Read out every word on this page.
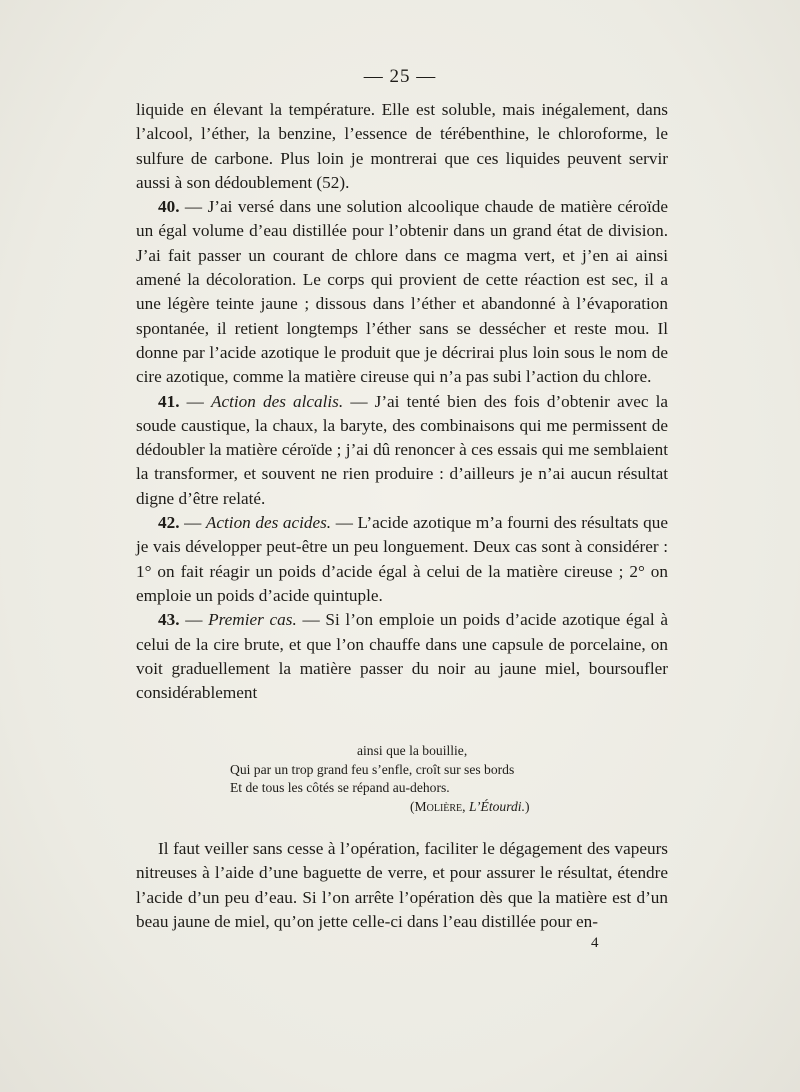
— 25 —

liquide en élevant la température. Elle est soluble, mais inégalement, dans l’alcool, l’éther, la benzine, l’essence de térébenthine, le chloroforme, le sulfure de carbone. Plus loin je montrerai que ces liquides peuvent servir aussi à son dédoublement (52).

40. — J’ai versé dans une solution alcoolique chaude de matière céroïde un égal volume d’eau distillée pour l’obtenir dans un grand état de division. J’ai fait passer un courant de chlore dans ce magma vert, et j’en ai ainsi amené la décoloration. Le corps qui provient de cette réaction est sec, il a une légère teinte jaune ; dissous dans l’éther et abandonné à l’évaporation spontanée, il retient longtemps l’éther sans se dessécher et reste mou. Il donne par l’acide azotique le produit que je décrirai plus loin sous le nom de cire azotique, comme la matière cireuse qui n’a pas subi l’action du chlore.

41. — Action des alcalis. — J’ai tenté bien des fois d’obtenir avec la soude caustique, la chaux, la baryte, des combinaisons qui me permissent de dédoubler la matière céroïde ; j’ai dû renoncer à ces essais qui me semblaient la transformer, et souvent ne rien produire : d’ailleurs je n’ai aucun résultat digne d’être relaté.

42. — Action des acides. — L’acide azotique m’a fourni des résultats que je vais développer peut-être un peu longuement. Deux cas sont à considérer : 1° on fait réagir un poids d’acide égal à celui de la matière cireuse ; 2° on emploie un poids d’acide quintuple.

43. — Premier cas. — Si l’on emploie un poids d’acide azotique égal à celui de la cire brute, et que l’on chauffe dans une capsule de porcelaine, on voit graduellement la matière passer du noir au jaune miel, boursoufler considérablement

ainsi que la bouillie,

Qui par un trop grand feu s’enfle, croît sur ses bords

Et de tous les côtés se répand au-dehors.

(Molière, L’Étourdi.)

Il faut veiller sans cesse à l’opération, faciliter le dégagement des vapeurs nitreuses à l’aide d’une baguette de verre, et pour assurer le résultat, étendre l’acide d’un peu d’eau. Si l’on arrête l’opération dès que la matière est d’un beau jaune de miel, qu’on jette celle-ci dans l’eau distillée pour en-

4
